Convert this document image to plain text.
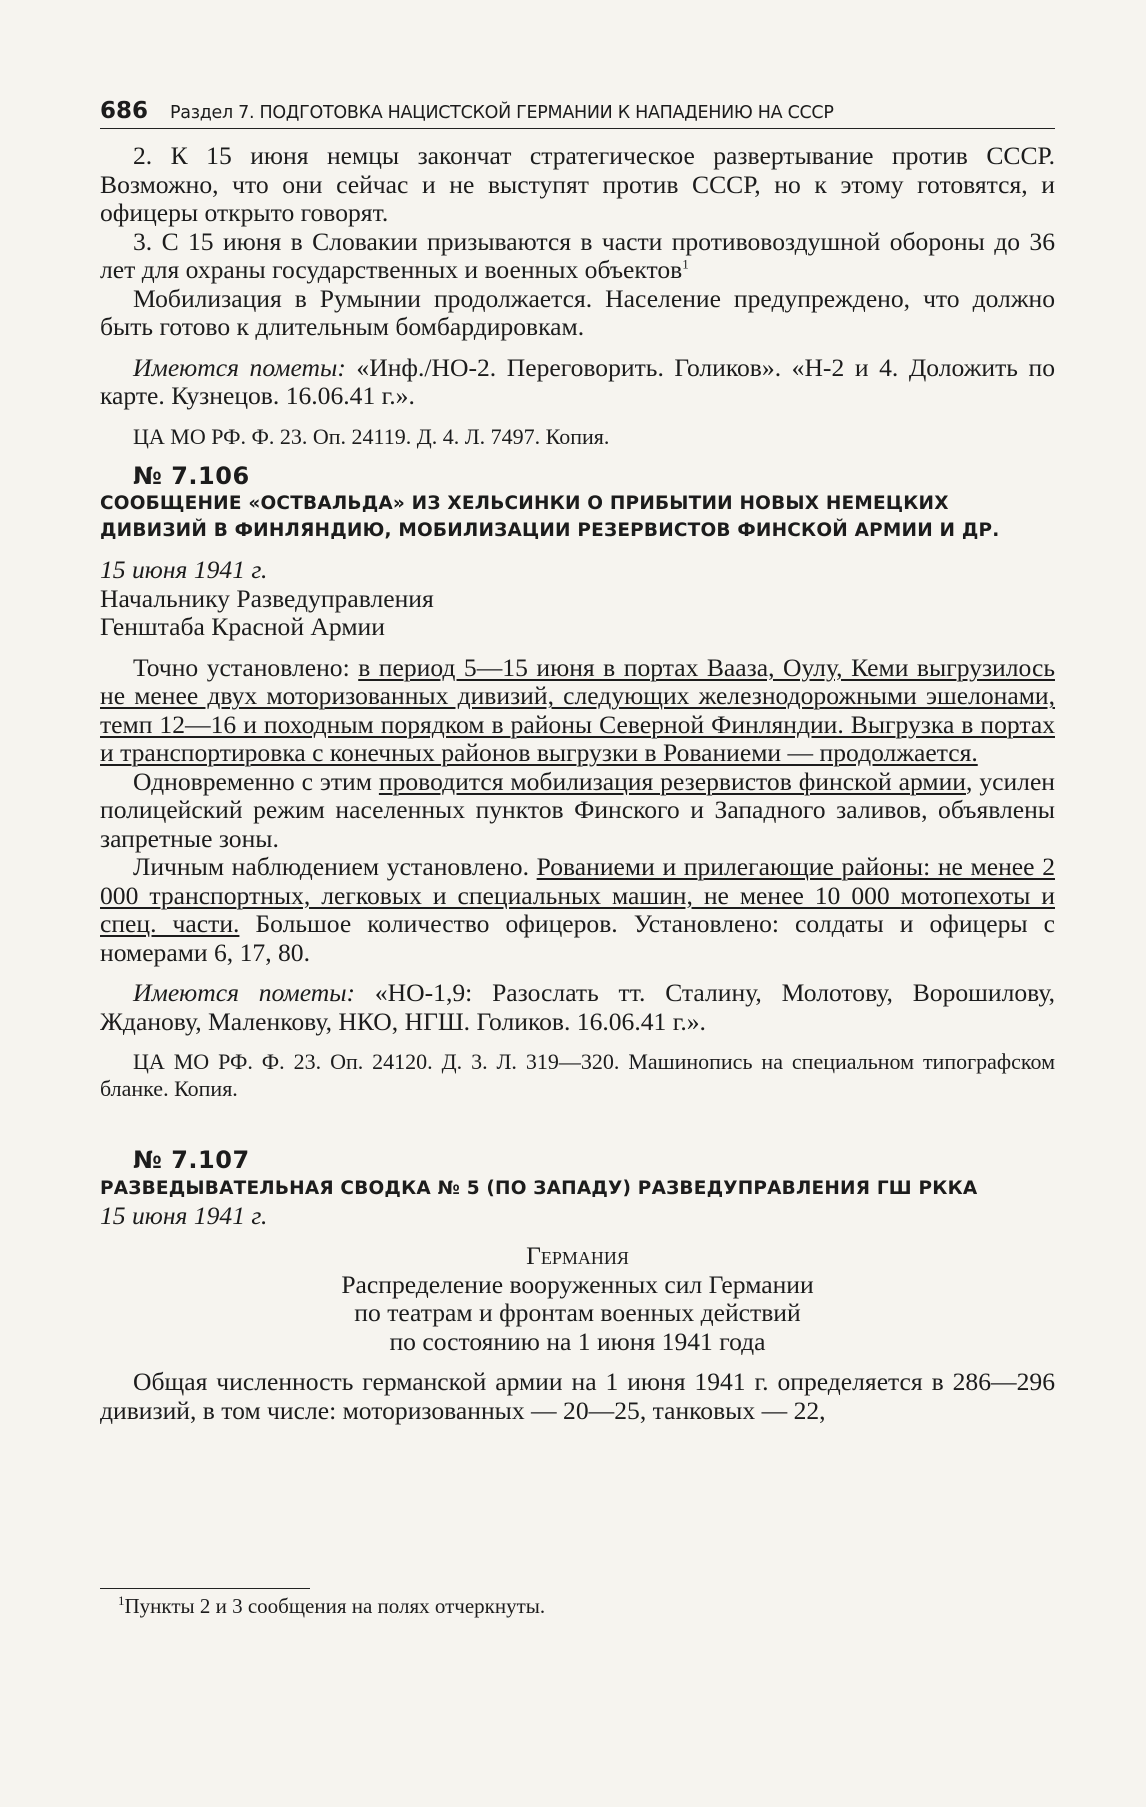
686 Раздел 7. ПОДГОТОВКА НАЦИСТСКОЙ ГЕРМАНИИ К НАПАДЕНИЮ НА СССР

2. К 15 июня немцы закончат стратегическое развертывание против СССР. Возможно, что они сейчас и не выступят против СССР, но к этому готовятся, и офицеры открыто говорят.

3. С 15 июня в Словакии призываются в части противовоздушной обороны до 36 лет для охраны государственных и военных объектов$^1$

Мобилизация в Румынии продолжается. Население предупреждено, что должно быть готово к длительным бомбардировкам.

Имеются пометы: «Инф./НО-2. Переговорить. Голиков». «Н-2 и 4. Доложить по карте. Кузнецов. 16.06.41 г.».

ЦА МО РФ. Ф. 23. Оп. 24119. Д. 4. Л. 7497. Копия.

№ 7.106
СООБЩЕНИЕ «ОСТВАЛЬДА» ИЗ ХЕЛЬСИНКИ О ПРИБЫТИИ НОВЫХ НЕМЕЦКИХ
ДИВИЗИЙ В ФИНЛЯНДИЮ, МОБИЛИЗАЦИИ РЕЗЕРВИСТОВ ФИНСКОЙ АРМИИ И ДР.

15 июня 1941 г.

Начальнику Разведуправления

Генштаба Красной Армии

Точно установлено: в период 5—15 июня в портах Вааза, Оулу, Кеми выгрузилось не менее двух моторизованных дивизий, следующих железнодорожными эшелонами, темп 12—16 и походным порядком в районы Северной Финляндии. Выгрузка в портах и транспортировка с конечных районов выгрузки в Рованиеми — продолжается.

Одновременно с этим проводится мобилизация резервистов финской армии, усилен полицейский режим населенных пунктов Финского и Западного заливов, объявлены запретные зоны.

Личным наблюдением установлено. Рованиеми и прилегающие районы: не менее 2 000 транспортных, легковых и специальных машин, не менее 10 000 мотопехоты и спец. части. Большое количество офицеров. Установлено: солдаты и офицеры с номерами 6, 17, 80.

Имеются пометы: «НО-1,9: Разослать тт. Сталину, Молотову, Ворошилову, Жданову, Маленкову, НКО, НГШ. Голиков. 16.06.41 г.».

ЦА МО РФ. Ф. 23. Оп. 24120. Д. 3. Л. 319—320. Машинопись на специальном типографском бланке. Копия.

№ 7.107
РАЗВЕДЫВАТЕЛЬНАЯ СВОДКА № 5 (ПО ЗАПАДУ) РАЗВЕДУПРАВЛЕНИЯ ГШ РККА

15 июня 1941 г.

Германия

Распределение вооруженных сил Германии

по театрам и фронтам военных действий

по состоянию на 1 июня 1941 года

Общая численность германской армии на 1 июня 1941 г. определяется в 286—296 дивизий, в том числе: моторизованных — 20—25, танковых — 22,

$^1$Пункты 2 и 3 сообщения на полях отчеркнуты.
